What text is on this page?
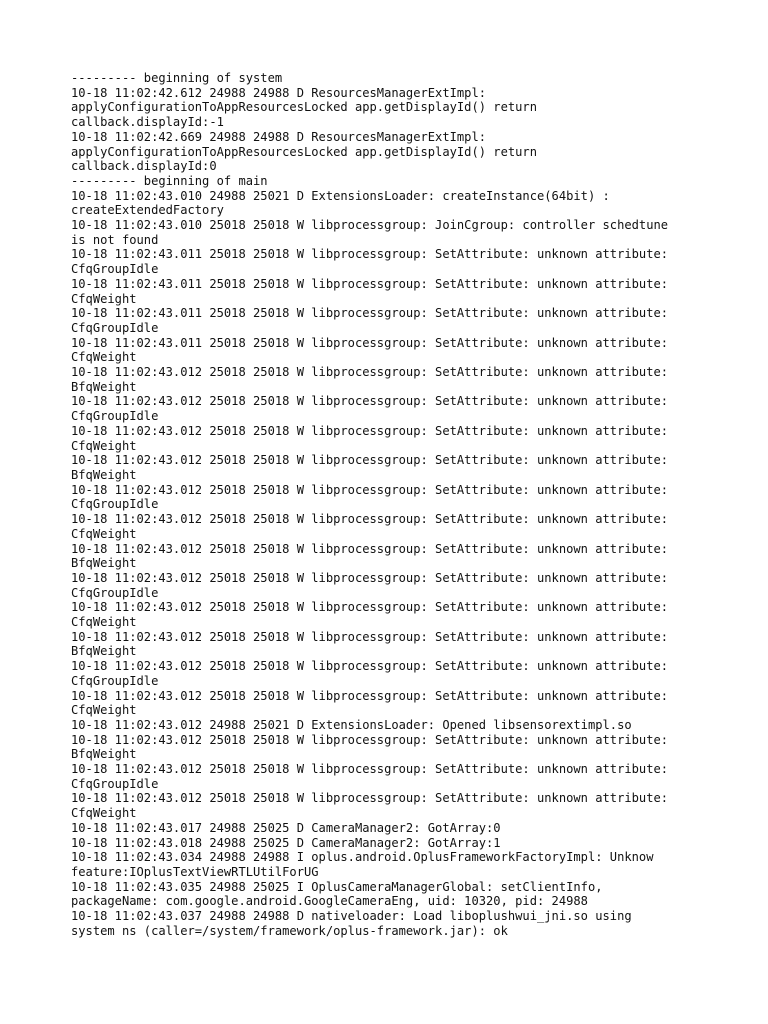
--------- beginning of system
10-18 11:02:42.612 24988 24988 D ResourcesManagerExtImpl:
applyConfigurationToAppResourcesLocked app.getDisplayId() return
callback.displayId:-1
10-18 11:02:42.669 24988 24988 D ResourcesManagerExtImpl:
applyConfigurationToAppResourcesLocked app.getDisplayId() return
callback.displayId:0
--------- beginning of main
10-18 11:02:43.010 24988 25021 D ExtensionsLoader: createInstance(64bit) :
createExtendedFactory
10-18 11:02:43.010 25018 25018 W libprocessgroup: JoinCgroup: controller schedtune
is not found
10-18 11:02:43.011 25018 25018 W libprocessgroup: SetAttribute: unknown attribute:
CfqGroupIdle
10-18 11:02:43.011 25018 25018 W libprocessgroup: SetAttribute: unknown attribute:
CfqWeight
10-18 11:02:43.011 25018 25018 W libprocessgroup: SetAttribute: unknown attribute:
CfqGroupIdle
10-18 11:02:43.011 25018 25018 W libprocessgroup: SetAttribute: unknown attribute:
CfqWeight
10-18 11:02:43.012 25018 25018 W libprocessgroup: SetAttribute: unknown attribute:
BfqWeight
10-18 11:02:43.012 25018 25018 W libprocessgroup: SetAttribute: unknown attribute:
CfqGroupIdle
10-18 11:02:43.012 25018 25018 W libprocessgroup: SetAttribute: unknown attribute:
CfqWeight
10-18 11:02:43.012 25018 25018 W libprocessgroup: SetAttribute: unknown attribute:
BfqWeight
10-18 11:02:43.012 25018 25018 W libprocessgroup: SetAttribute: unknown attribute:
CfqGroupIdle
10-18 11:02:43.012 25018 25018 W libprocessgroup: SetAttribute: unknown attribute:
CfqWeight
10-18 11:02:43.012 25018 25018 W libprocessgroup: SetAttribute: unknown attribute:
BfqWeight
10-18 11:02:43.012 25018 25018 W libprocessgroup: SetAttribute: unknown attribute:
CfqGroupIdle
10-18 11:02:43.012 25018 25018 W libprocessgroup: SetAttribute: unknown attribute:
CfqWeight
10-18 11:02:43.012 25018 25018 W libprocessgroup: SetAttribute: unknown attribute:
BfqWeight
10-18 11:02:43.012 25018 25018 W libprocessgroup: SetAttribute: unknown attribute:
CfqGroupIdle
10-18 11:02:43.012 25018 25018 W libprocessgroup: SetAttribute: unknown attribute:
CfqWeight
10-18 11:02:43.012 24988 25021 D ExtensionsLoader: Opened libsensorextimpl.so
10-18 11:02:43.012 25018 25018 W libprocessgroup: SetAttribute: unknown attribute:
BfqWeight
10-18 11:02:43.012 25018 25018 W libprocessgroup: SetAttribute: unknown attribute:
CfqGroupIdle
10-18 11:02:43.012 25018 25018 W libprocessgroup: SetAttribute: unknown attribute:
CfqWeight
10-18 11:02:43.017 24988 25025 D CameraManager2: GotArray:0
10-18 11:02:43.018 24988 25025 D CameraManager2: GotArray:1
10-18 11:02:43.034 24988 24988 I oplus.android.OplusFrameworkFactoryImpl: Unknow
feature:IOplusTextViewRTLUtilForUG
10-18 11:02:43.035 24988 25025 I OplusCameraManagerGlobal: setClientInfo,
packageName: com.google.android.GoogleCameraEng, uid: 10320, pid: 24988
10-18 11:02:43.037 24988 24988 D nativeloader: Load liboplushwui_jni.so using
system ns (caller=/system/framework/oplus-framework.jar): ok
